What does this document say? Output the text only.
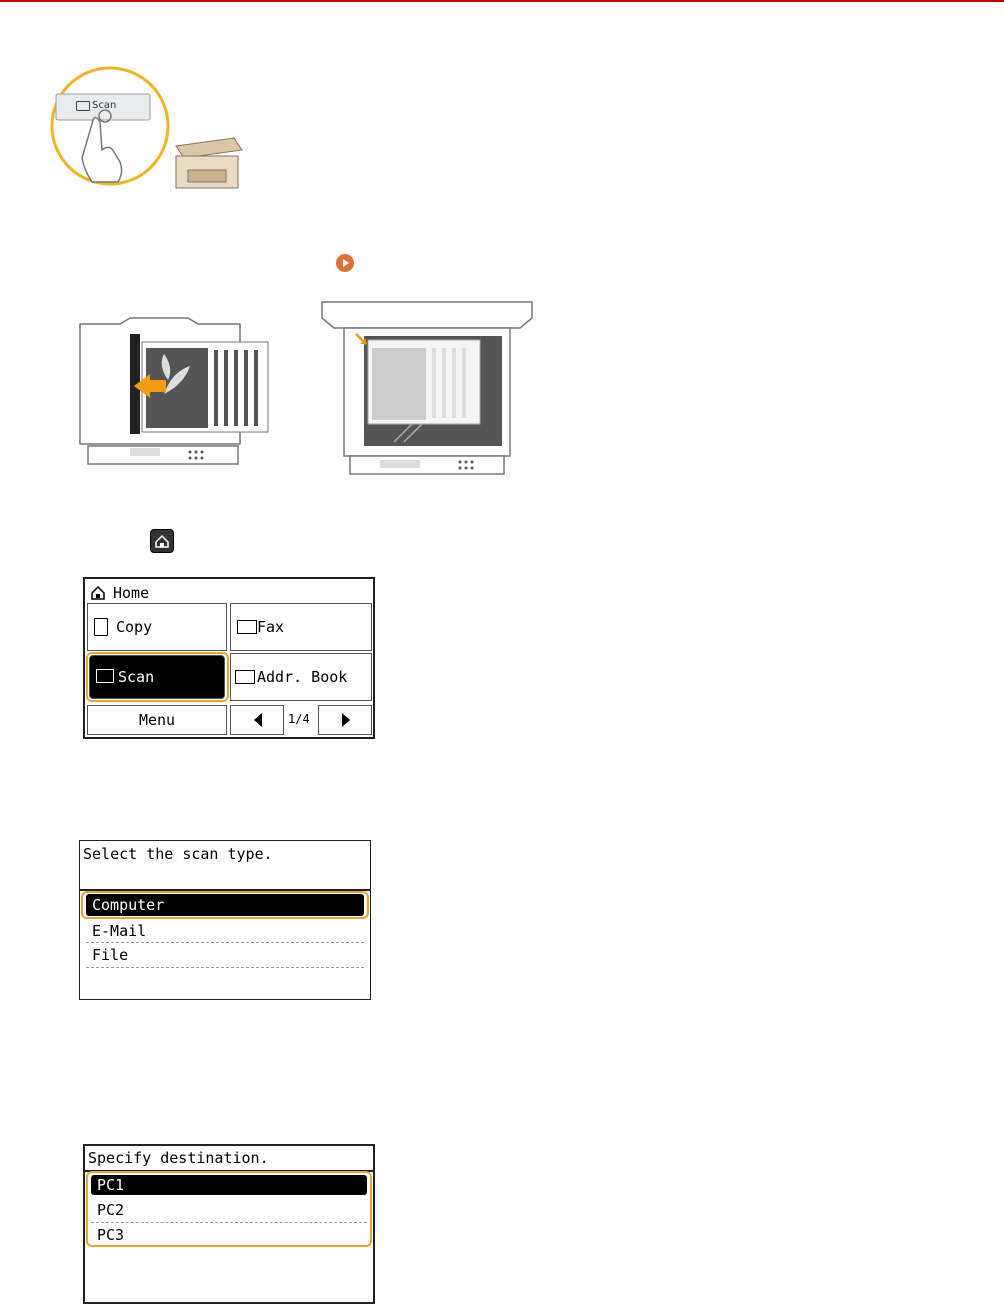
Scan
Home
Copy	Fax
Scan	Addr. Book
Menu	1/4
Select the scan type.
Computer
E-Mail
File
Specify destination.
PC1
PC2
PC3
